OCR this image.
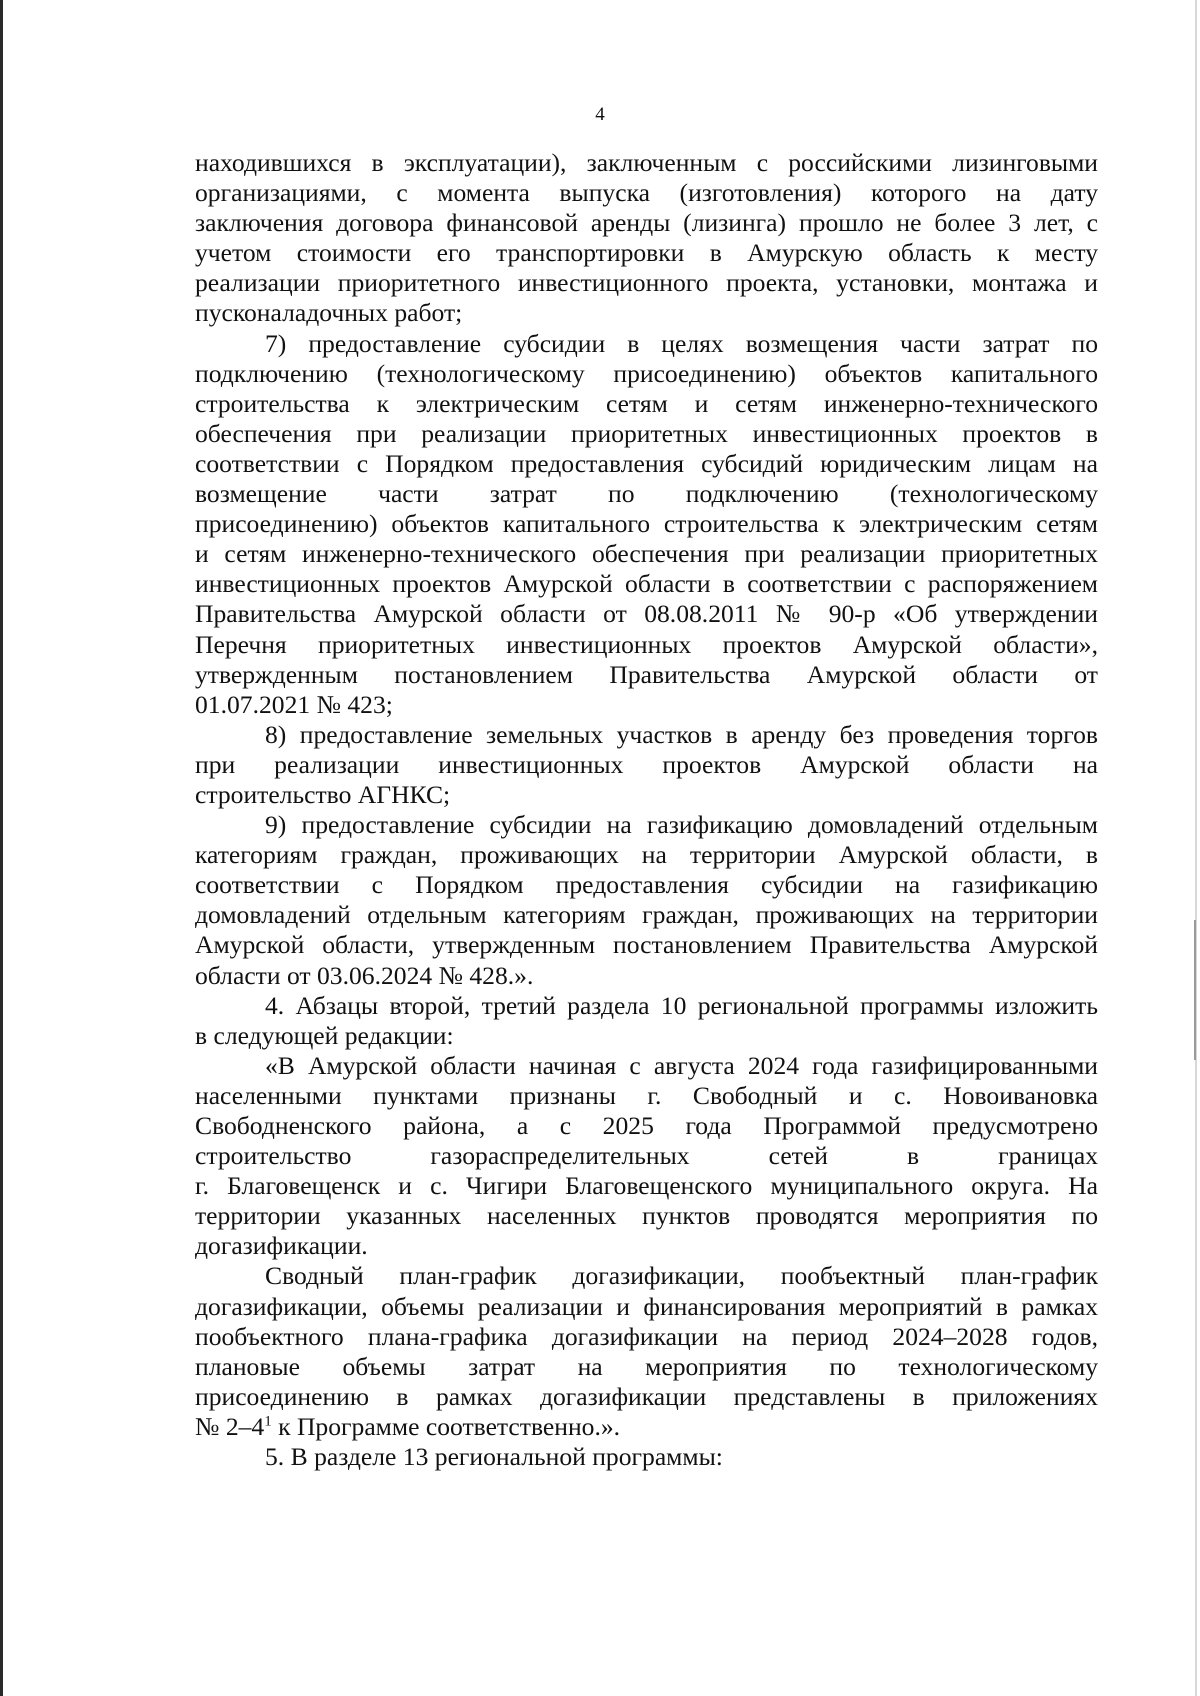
4

находившихся в эксплуатации), заключенным с российскими лизинговыми
организациями, с момента выпуска (изготовления) которого на дату
заключения договора финансовой аренды (лизинга) прошло не более 3 лет, с
учетом стоимости его транспортировки в Амурскую область к месту
реализации приоритетного инвестиционного проекта, установки, монтажа и
пусконаладочных работ;

7) предоставление субсидии в целях возмещения части затрат по
подключению (технологическому присоединению) объектов капитального
строительства к электрическим сетям и сетям инженерно-технического
обеспечения при реализации приоритетных инвестиционных проектов в
соответствии с Порядком предоставления субсидий юридическим лицам на
возмещение части затрат по подключению (технологическому
присоединению) объектов капитального строительства к электрическим сетям
и сетям инженерно-технического обеспечения при реализации приоритетных
инвестиционных проектов Амурской области в соответствии с распоряжением
Правительства Амурской области от 08.08.2011 № 90-р «Об утверждении
Перечня приоритетных инвестиционных проектов Амурской области»,
утвержденным постановлением Правительства Амурской области от
01.07.2021 № 423;

8) предоставление земельных участков в аренду без проведения торгов
при реализации инвестиционных проектов Амурской области на
строительство АГНКС;

9) предоставление субсидии на газификацию домовладений отдельным
категориям граждан, проживающих на территории Амурской области, в
соответствии с Порядком предоставления субсидии на газификацию
домовладений отдельным категориям граждан, проживающих на территории
Амурской области, утвержденным постановлением Правительства Амурской
области от 03.06.2024 № 428.».

4. Абзацы второй, третий раздела 10 региональной программы изложить
в следующей редакции:

«В Амурской области начиная с августа 2024 года газифицированными
населенными пунктами признаны г. Свободный и с. Новоивановка
Свободненского района, а с 2025 года Программой предусмотрено
строительство газораспределительных сетей в границах
г. Благовещенск и с. Чигири Благовещенского муниципального округа. На
территории указанных населенных пунктов проводятся мероприятия по
догазификации.

Сводный план-график догазификации, пообъектный план-график
догазификации, объемы реализации и финансирования мероприятий в рамках
пообъектного плана-графика догазификации на период 2024–2028 годов,
плановые объемы затрат на мероприятия по технологическому
присоединению в рамках догазификации представлены в приложениях
№ $2-4^1$ к Программе соответственно.».

5. В разделе 13 региональной программы:
